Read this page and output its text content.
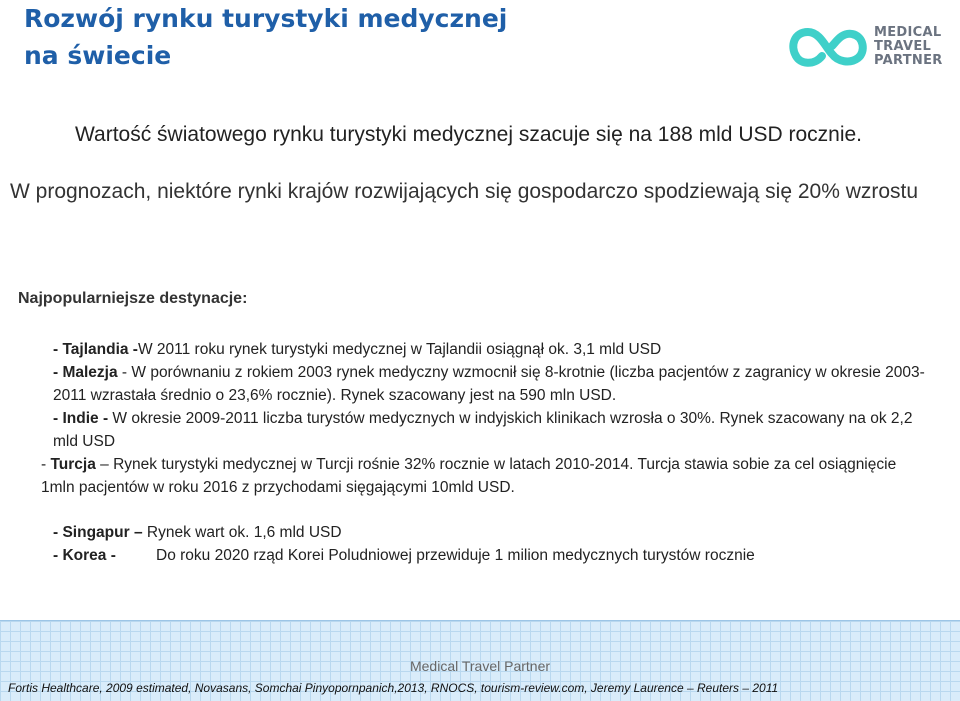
Rozwój rynku turystyki medycznej
na świecie
MEDICAL
TRAVEL
PARTNER
Wartość światowego rynku turystyki medycznej szacuje się na 188 mld USD rocznie.
W prognozach, niektóre rynki krajów rozwijających się gospodarczo spodziewają się 20% wzrostu
Najpopularniejsze destynacje:

- Tajlandia -W 2011 roku rynek turystyki medycznej w Tajlandii osiągnął ok. 3,1 mld USD

- Malezja - W porównaniu z rokiem 2003 rynek medyczny wzmocnił się 8-krotnie (liczba pacjentów z zagranicy w okresie 2003-2011 wzrastała średnio o 23,6% rocznie). Rynek szacowany jest na 590 mln USD.

- Indie - W okresie 2009-2011 liczba turystów medycznych w indyjskich klinikach wzrosła o 30%. Rynek szacowany na ok 2,2 mld USD

- Turcja – Rynek turystyki medycznej w Turcji rośnie 32% rocznie w latach 2010-2014. Turcja stawia sobie za cel osiągnięcie 1mln pacjentów w roku 2016 z przychodami sięgającymi 10mld USD.

- Singapur – Rynek wart ok. 1,6 mld USD

- Korea -	Do roku 2020 rząd Korei Poludniowej przewiduje 1 milion medycznych turystów rocznie

Medical Travel Partner
Fortis Healthcare, 2009 estimated, Novasans, Somchai Pinyopornpanich,2013, RNOCS, tourism-review.com, Jeremy Laurence – Reuters – 2011
